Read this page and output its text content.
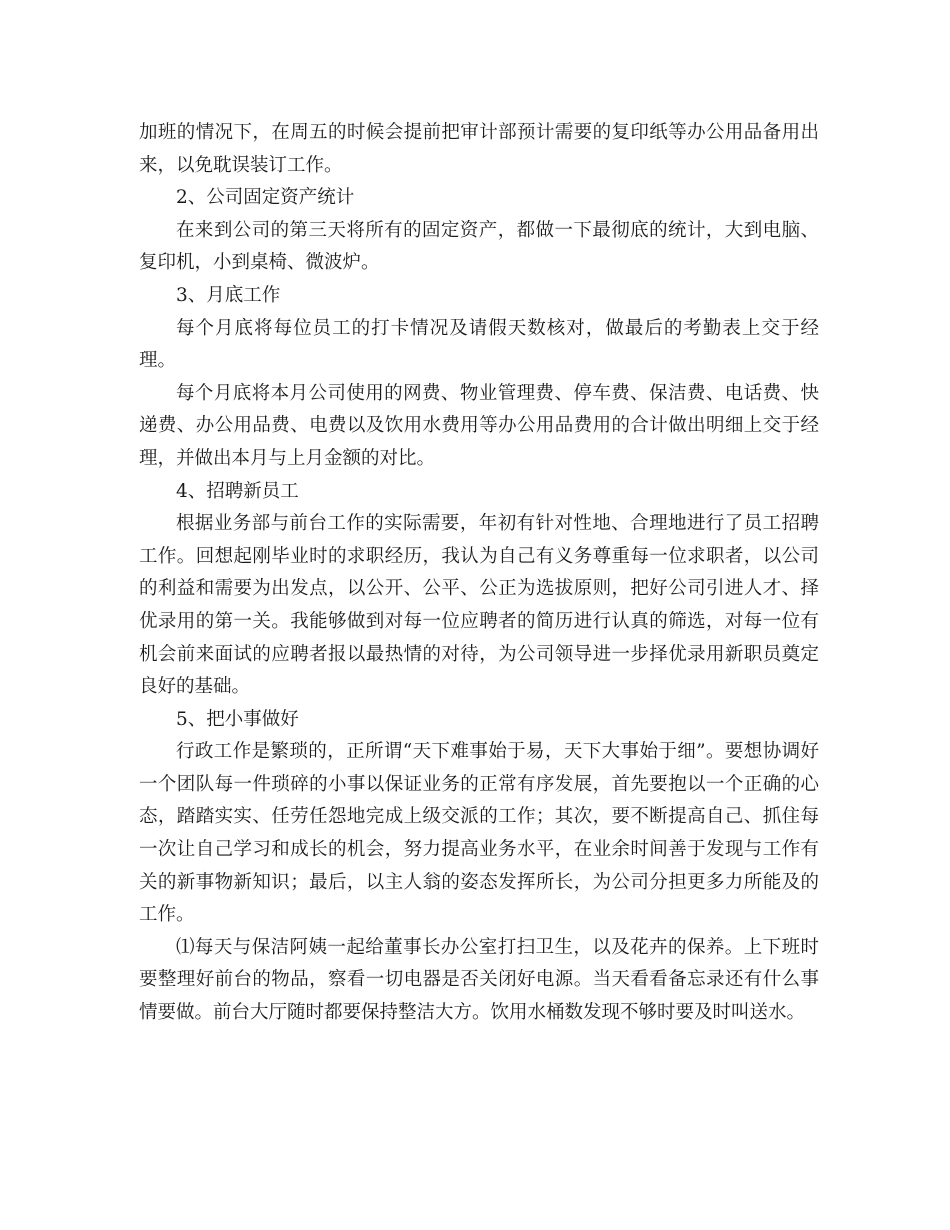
加班的情况下，在周五的时候会提前把审计部预计需要的复印纸等办公用品备用出来，以免耽误装订工作。

2、公司固定资产统计

在来到公司的第三天将所有的固定资产，都做一下最彻底的统计，大到电脑、复印机，小到桌椅、微波炉。

3、月底工作

每个月底将每位员工的打卡情况及请假天数核对，做最后的考勤表上交于经理。

每个月底将本月公司使用的网费、物业管理费、停车费、保洁费、电话费、快递费、办公用品费、电费以及饮用水费用等办公用品费用的合计做出明细上交于经理，并做出本月与上月金额的对比。

4、招聘新员工

根据业务部与前台工作的实际需要，年初有针对性地、合理地进行了员工招聘工作。回想起刚毕业时的求职经历，我认为自己有义务尊重每一位求职者，以公司的利益和需要为出发点，以公开、公平、公正为选拔原则，把好公司引进人才、择优录用的第一关。我能够做到对每一位应聘者的简历进行认真的筛选，对每一位有机会前来面试的应聘者报以最热情的对待，为公司领导进一步择优录用新职员奠定良好的基础。

5、把小事做好

行政工作是繁琐的，正所谓“天下难事始于易，天下大事始于细”。要想协调好一个团队每一件琐碎的小事以保证业务的正常有序发展，首先要抱以一个正确的心态，踏踏实实、任劳任怨地完成上级交派的工作；其次，要不断提高自己、抓住每一次让自己学习和成长的机会，努力提高业务水平，在业余时间善于发现与工作有关的新事物新知识；最后，以主人翁的姿态发挥所长，为公司分担更多力所能及的工作。

⑴每天与保洁阿姨一起给董事长办公室打扫卫生，以及花卉的保养。上下班时要整理好前台的物品，察看一切电器是否关闭好电源。当天看看备忘录还有什么事情要做。前台大厅随时都要保持整洁大方。饮用水桶数发现不够时要及时叫送水。
